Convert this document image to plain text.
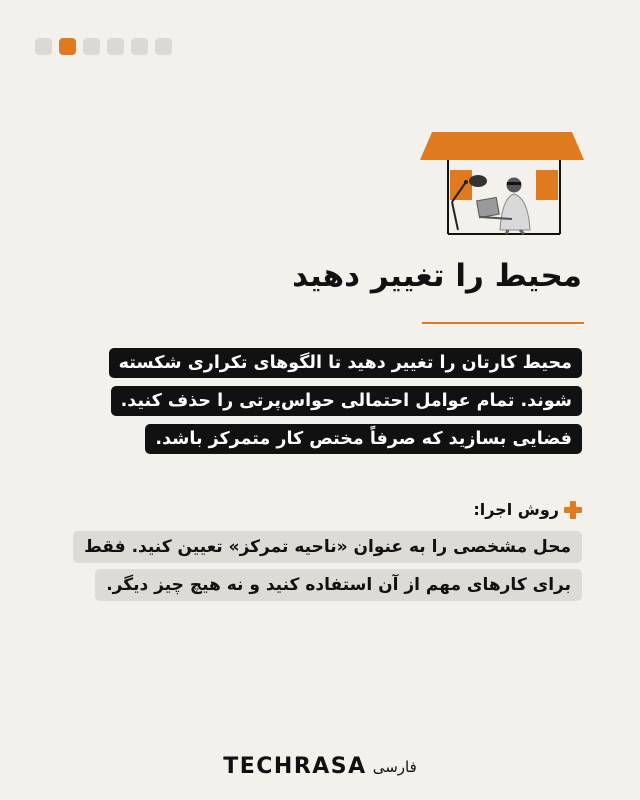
محیط را تغییر دهید
محیط کارتان را تغییر دهید تا الگوهای تکراری شکسته
شوند. تمام عوامل احتمالی حواس‌پرتی را حذف کنید.
فضایی بسازید که صرفاً مختص کار متمرکز باشد.
روش اجرا:
محل مشخصی را به عنوان «ناحیه تمرکز» تعیین کنید. فقط
برای کارهای مهم از آن استفاده کنید و نه هیچ چیز دیگر.
TECHRASA فارسی
